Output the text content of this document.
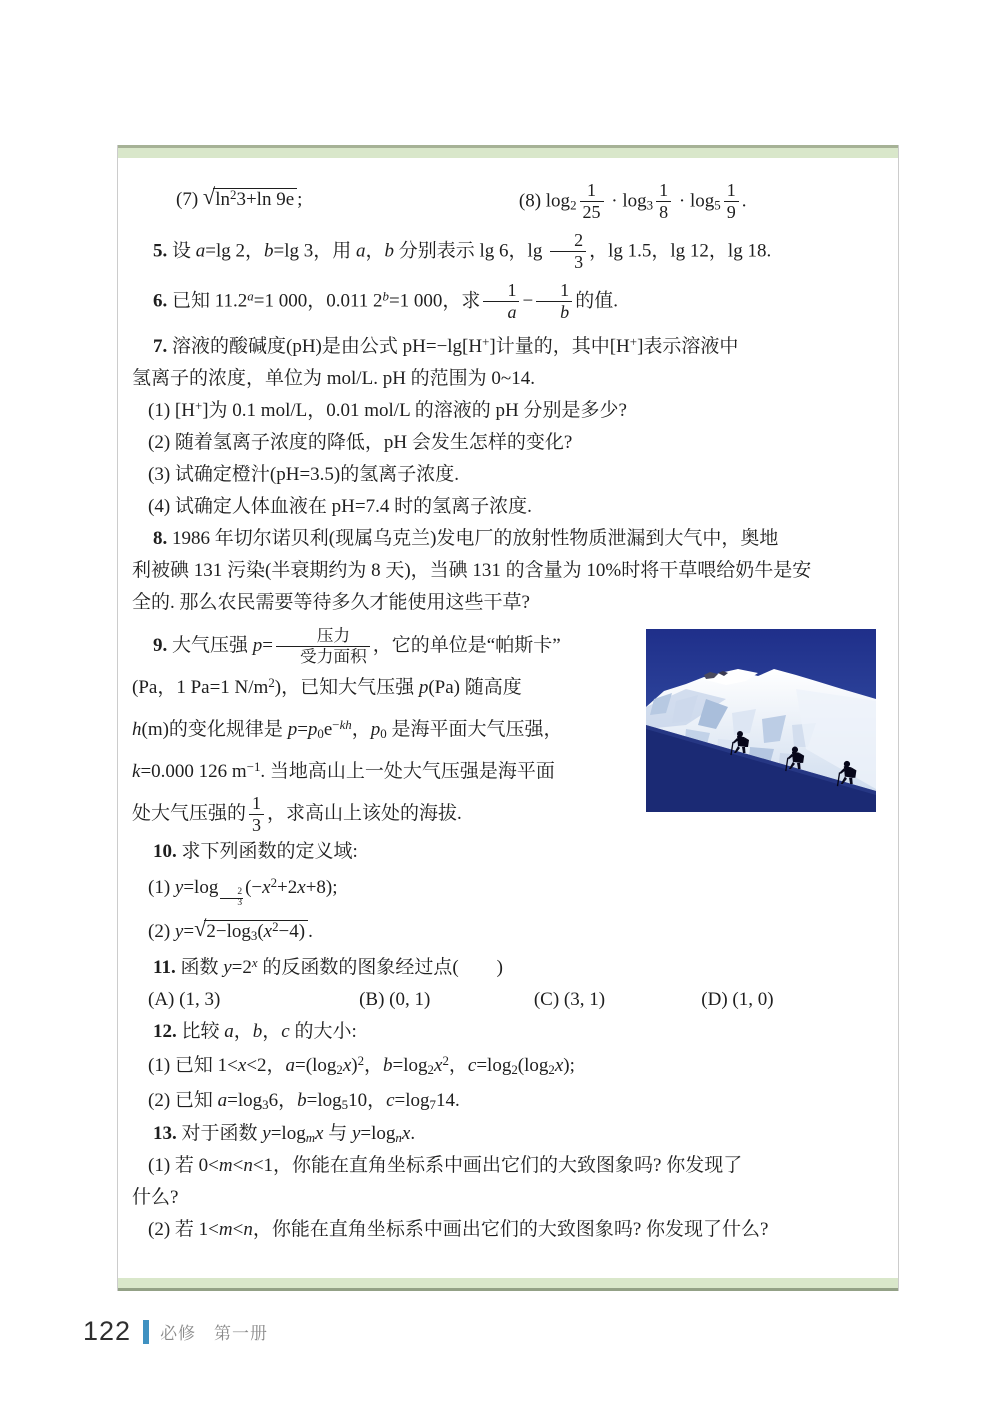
(7) √ $\ln^23+\ln$ 9e ;	(8) $\log_2 \frac{1}{25} \cdot \log_3 \frac{1}{8} \cdot \log_5 \frac{1}{9}$ .
5. 设 a=lg 2，b=lg 3，用 a，b 分别表示 lg 6，$\lg \frac{2}{3}$ ，lg 1.5，lg 12，lg 18.
6. 已知 11.2$^a$=1 000，0.011 $2^b=1$ 000，求 $\frac{1}{a} - \frac{1}{b}$ 的值.
7. 溶液的酸碱度(pH)是由公式 pH=−lg[H+]计量的，其中[H+]表示溶液中
氢离子的浓度，单位为 mol/L. pH 的范围为 0~14.
(1) [H+]为 0.1 mol/L，0.01 mol/L 的溶液的 pH 分别是多少?
(2) 随着氢离子浓度的降低，pH 会发生怎样的变化?
(3) 试确定橙汁(pH=3.5)的氢离子浓度.
(4) 试确定人体血液在 pH=7.4 时的氢离子浓度.
8. 1986 年切尔诺贝利(现属乌克兰)发电厂的放射性物质泄漏到大气中，奥地
利被碘 131 污染(半衰期约为 8 天)，当碘 131 的含量为 10%时将干草喂给奶牛是安
全的. 那么农民需要等待多久才能使用这些干草?
9. 大气压强 p=	压力
受力面积
，它的单位是“帕斯卡”
(Pa，1 Pa=1 $N/m^2$)，已知大气压强 p(Pa) 随高度
h(m)的变化规律是 $p=p_0e^{-kh}$，$p_0$ 是海平面大气压强，
k=0.000 126 $m^{-1}$. 当地高山上一处大气压强是海平面
处大气压强的 $\frac{1}{3}$ ，求高山上该处的海拔.
10. 求下列函数的定义域:
(1) y=log
$\frac{2}{3}$
$(-x^2+2x+8)$;
(2) y= √ $2-\log_3(x^2-4)$ .
11. 函数 $y=2^x$ 的反函数的图象经过点(　　)
(A) (1, 3)	(B) (0, 1)	(C) (3, 1)	(D) (1, 0)
12. 比较 a，b，c 的大小:
(1) 已知 1<x<2，$a=(\log_2x)^2$，$b=\log_2x^2$，$c=\log_2(\log_2x)$;
(2) 已知 $a=\log_36$，$b=\log_510$，$c=\log_714$.
13. 对于函数 $y=\log_mx$ 与 $y=\log_nx$.
(1) 若 0<m<n<1，你能在直角坐标系中画出它们的大致图象吗? 你发现了
什么?
(2) 若 1<m<n，你能在直角坐标系中画出它们的大致图象吗? 你发现了什么?
122 必修　第一册
